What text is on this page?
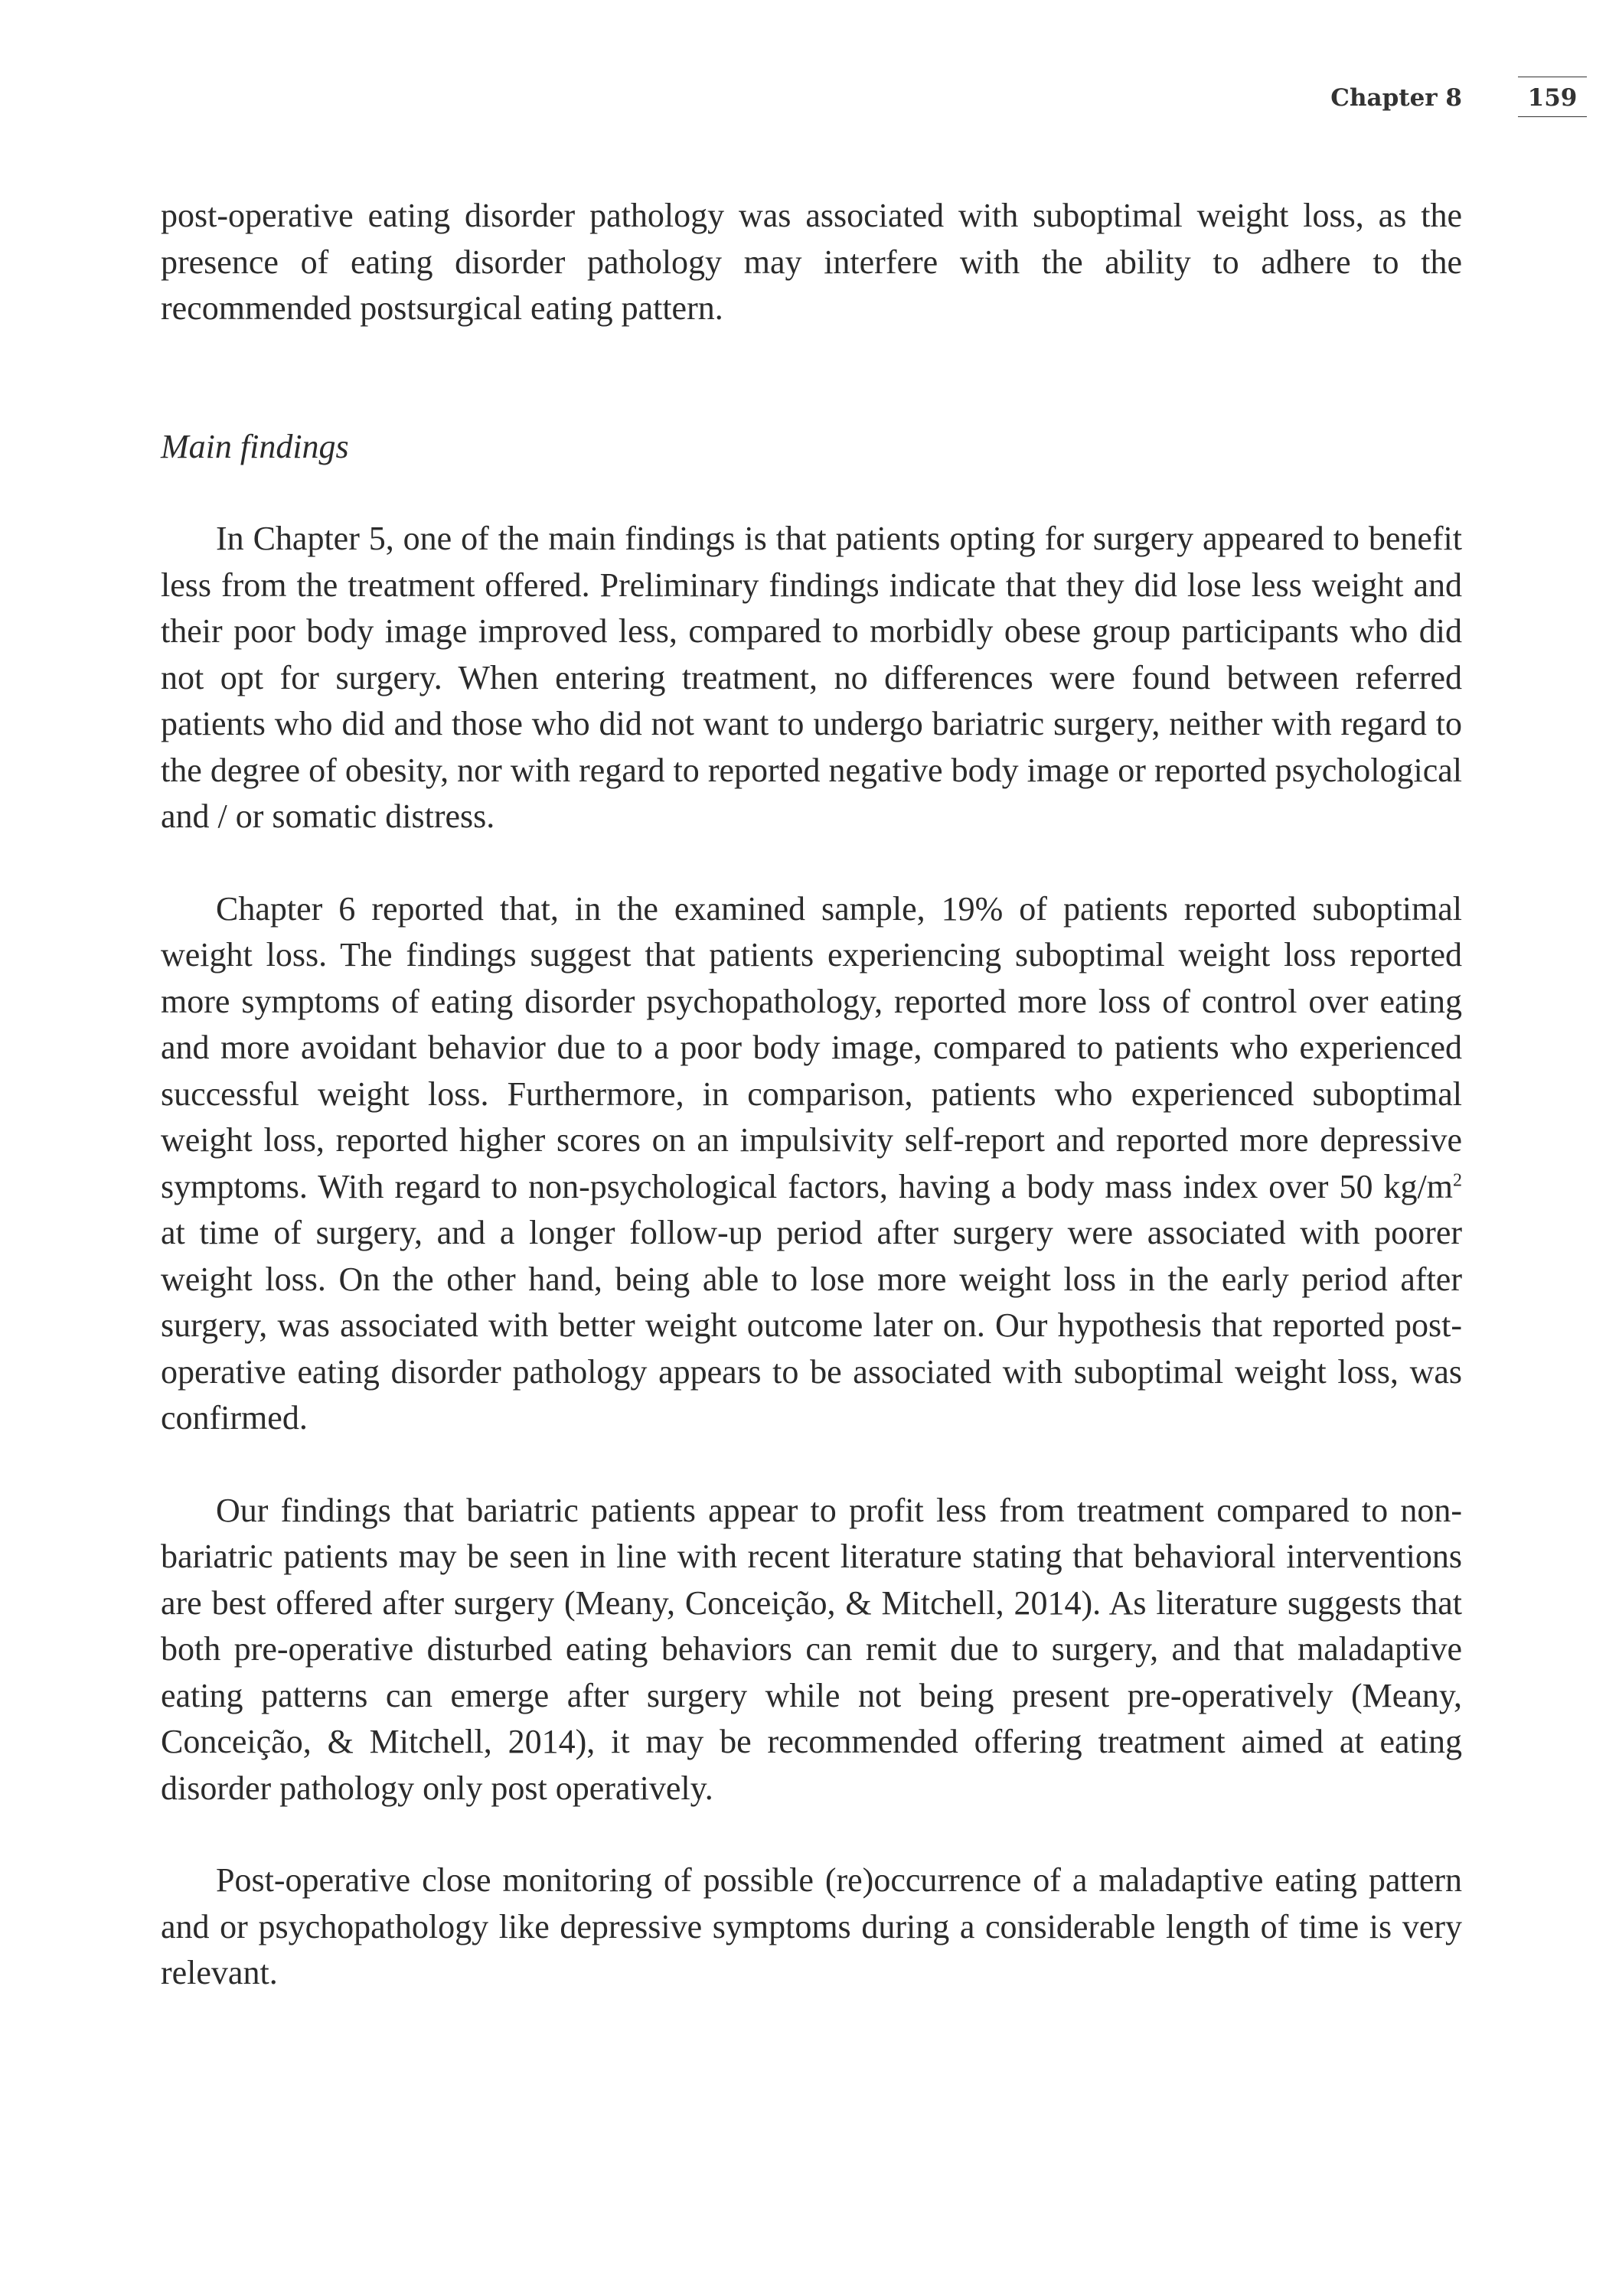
Chapter 8	159

post-operative eating disorder pathology was associated with suboptimal weight loss, as the presence of eating disorder pathology may interfere with the ability to adhere to the recommended postsurgical eating pattern.

Main findings

In Chapter 5, one of the main findings is that patients opting for surgery appeared to benefit less from the treatment offered. Preliminary findings indicate that they did lose less weight and their poor body image improved less, compared to morbidly obese group participants who did not opt for surgery. When entering treatment, no differences were found between referred patients who did and those who did not want to undergo bariatric surgery, neither with regard to the degree of obesity, nor with regard to reported negative body image or reported psychological and / or somatic distress.

Chapter 6 reported that, in the examined sample, 19% of patients reported suboptimal weight loss. The findings suggest that patients experiencing suboptimal weight loss reported more symptoms of eating disorder psychopathology, reported more loss of control over eating and more avoidant behavior due to a poor body image, compared to patients who experienced successful weight loss. Furthermore, in comparison, patients who experienced suboptimal weight loss, reported higher scores on an impulsivity self-report and reported more depressive symptoms. With regard to non-psychological factors, having a body mass index over 50 $kg/m^2$ at time of surgery, and a longer follow-up period after surgery were associated with poorer weight loss. On the other hand, being able to lose more weight loss in the early period after surgery, was associated with better weight outcome later on. Our hypothesis that reported post-operative eating disorder pathology appears to be associated with suboptimal weight loss, was confirmed.

Our findings that bariatric patients appear to profit less from treatment compared to non-bariatric patients may be seen in line with recent literature stating that behavioral interventions are best offered after surgery (Meany, Conceição, & Mitchell, 2014). As literature suggests that both pre-operative disturbed eating behaviors can remit due to surgery, and that maladaptive eating patterns can emerge after surgery while not being present pre-operatively (Meany, Conceição, & Mitchell, 2014), it may be recommended offering treatment aimed at eating disorder pathology only post operatively.

Post-operative close monitoring of possible (re)occurrence of a maladaptive eating pattern and or psychopathology like depressive symptoms during a considerable length of time is very relevant.
